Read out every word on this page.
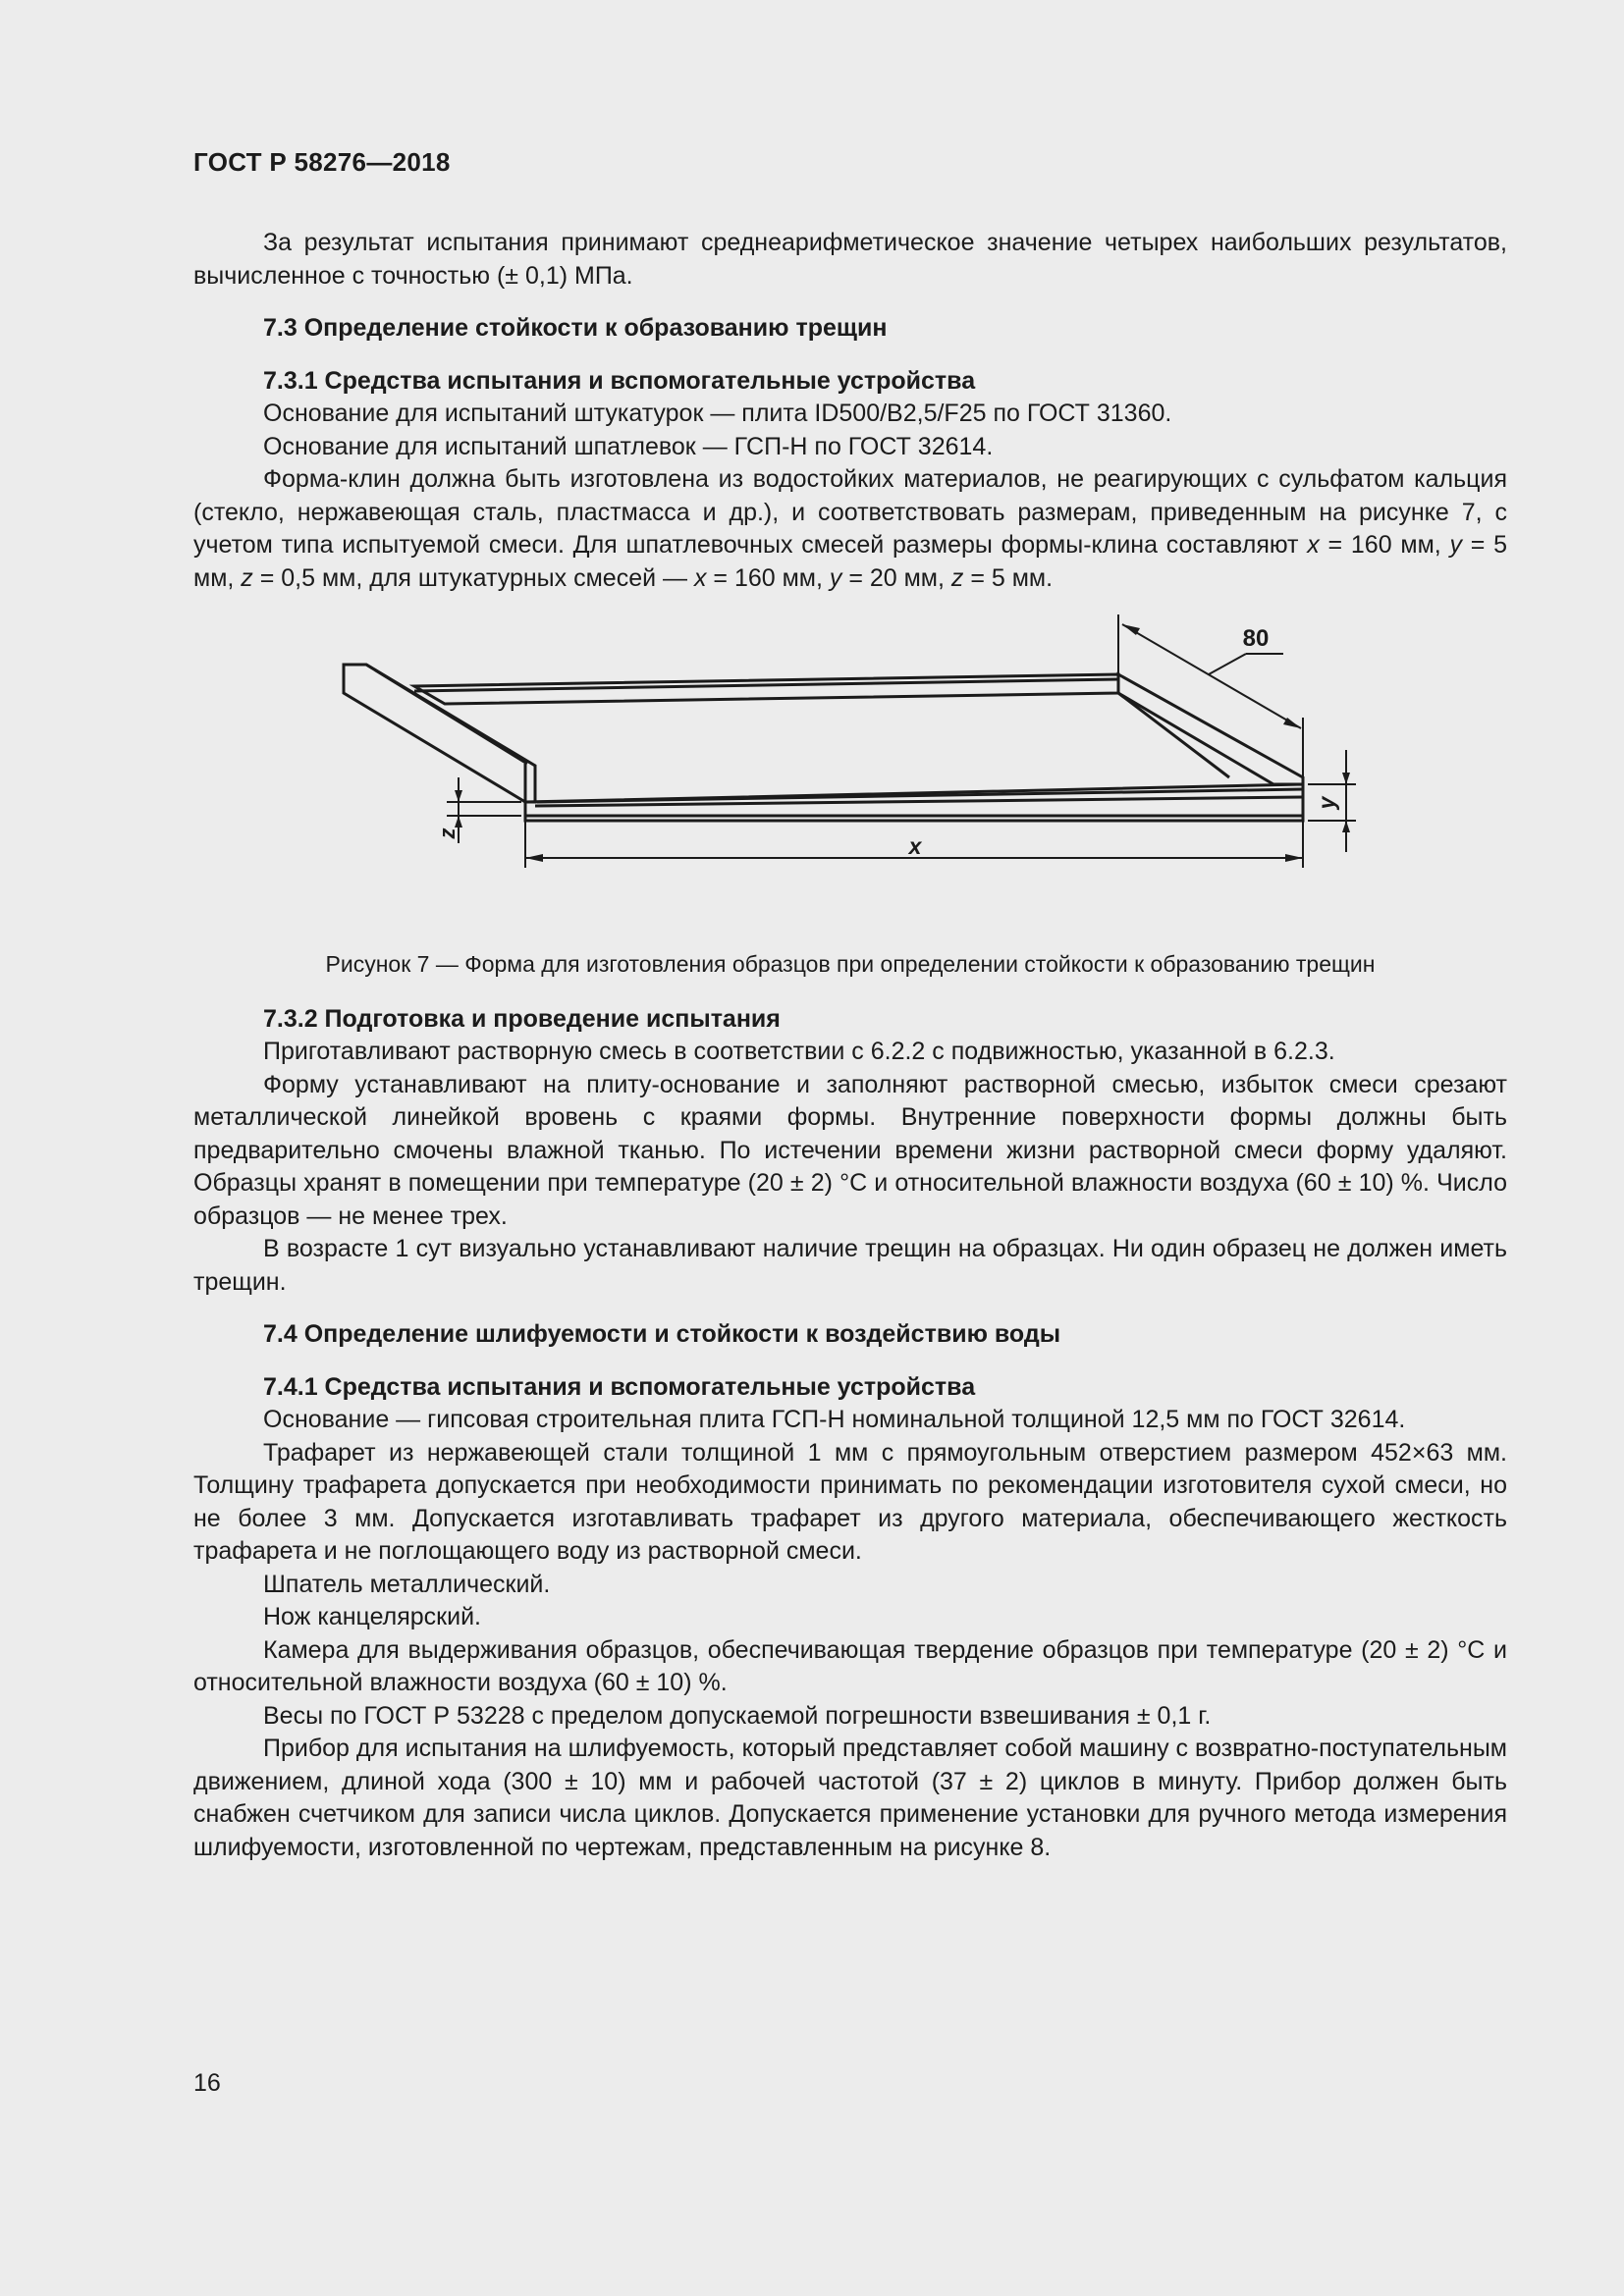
ГОСТ Р 58276—2018

За результат испытания принимают среднеарифметическое значение четырех наибольших результатов, вычисленное с точностью (± 0,1) МПа.

7.3 Определение стойкости к образованию трещин

7.3.1 Средства испытания и вспомогательные устройства

Основание для испытаний штукатурок — плита ID500/B2,5/F25 по ГОСТ 31360.

Основание для испытаний шпатлевок — ГСП-Н по ГОСТ 32614.

Форма-клин должна быть изготовлена из водостойких материалов, не реагирующих с сульфатом кальция (стекло, нержавеющая сталь, пластмасса и др.), и соответствовать размерам, приведенным на рисунке 7, с учетом типа испытуемой смеси. Для шпатлевочных смесей размеры формы-клина составляют x = 160 мм, y = 5 мм, z = 0,5 мм, для штукатурных смесей — x = 160 мм, y = 20 мм, z = 5 мм.

80
y
z	x

Рисунок 7 — Форма для изготовления образцов при определении стойкости к образованию трещин

7.3.2 Подготовка и проведение испытания

Приготавливают растворную смесь в соответствии с 6.2.2 с подвижностью, указанной в 6.2.3.

Форму устанавливают на плиту-основание и заполняют растворной смесью, избыток смеси срезают металлической линейкой вровень с краями формы. Внутренние поверхности формы должны быть предварительно смочены влажной тканью. По истечении времени жизни растворной смеси форму удаляют. Образцы хранят в помещении при температуре (20 ± 2) °С и относительной влажности воздуха (60 ± 10) %. Число образцов — не менее трех.

В возрасте 1 сут визуально устанавливают наличие трещин на образцах. Ни один образец не должен иметь трещин.

7.4 Определение шлифуемости и стойкости к воздействию воды

7.4.1 Средства испытания и вспомогательные устройства

Основание — гипсовая строительная плита ГСП-Н номинальной толщиной 12,5 мм по ГОСТ 32614.

Трафарет из нержавеющей стали толщиной 1 мм с прямоугольным отверстием размером 452×63 мм. Толщину трафарета допускается при необходимости принимать по рекомендации изготовителя сухой смеси, но не более 3 мм. Допускается изготавливать трафарет из другого материала, обеспечивающего жесткость трафарета и не поглощающего воду из растворной смеси.

Шпатель металлический.

Нож канцелярский.

Камера для выдерживания образцов, обеспечивающая твердение образцов при температуре (20 ± 2) °С и относительной влажности воздуха (60 ± 10) %.

Весы по ГОСТ Р 53228 с пределом допускаемой погрешности взвешивания ± 0,1 г.

Прибор для испытания на шлифуемость, который представляет собой машину с возвратно-поступательным движением, длиной хода (300 ± 10) мм и рабочей частотой (37 ± 2) циклов в минуту. Прибор должен быть снабжен счетчиком для записи числа циклов. Допускается применение установки для ручного метода измерения шлифуемости, изготовленной по чертежам, представленным на рисунке 8.

16
